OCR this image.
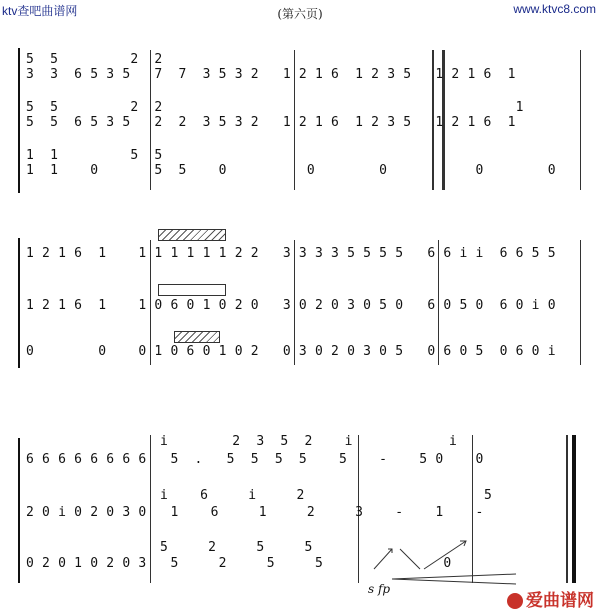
ktv查吧曲谱网	(第六页)	www.ktvc8.com
5  5         2  2
3  3  6 5 3 5   7  7  3 5 3 2   1 2 1 6  1 2 3 5   1 2 1 6  1
5  5         2  2                                            1
5  5  6 5 3 5   2  2  3 5 3 2   1 2 1 6  1 2 3 5   1 2 1 6  1
1  1         5  5
1  1    0       5  5    0          0        0           0        0
1 2 1 6  1    1 1 1 1 1 1 2 2   3 3 3 3 5 5 5 5   6 6 i i  6 6 5 5
1 2 1 6  1    1 0 6 0 1 0 2 0   3 0 2 0 3 0 5 0   6 0 5 0  6 0 i 0
0        0    0 1 0 6 0 1 0 2   0 3 0 2 0 3 0 5   0 6 0 5  0 6 0 i
i        2  3  5  2    i            i
6 6 6 6 6 6 6 6   5  .   5  5  5  5    5    -    5 0    0
i    6     i     2
2 0 i 0 2 0 3 0   1    6     1     2     3    -    1    -
5
5     2     5     5
0 2 0 1 0 2 0 3   5     2     5     5               0
s fp
爱曲谱网
